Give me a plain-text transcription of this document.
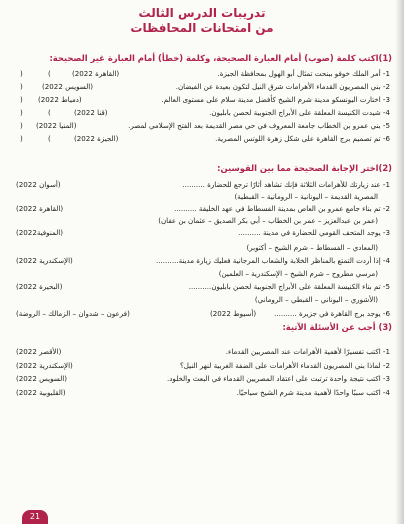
تدريبات الدرس الثالث
من امتحانات المحافظات
(1)اكتب كلمة (صوب) أمام العبارة الصحيحة، وكلمة (خطأ) أمام العبارة غير الصحيحة:
1- أمر الملك خوفو ببنحت تمثال أبو الهول بمحافظة الجيزة.
(القاهرة 2022)
)
(
2- بني المصريون القدماء الأهرامات شرق النيل لتكون بعيدة عن الفيضان.
(السويس 2022)
(
3- اختارت اليونسكو مدينة شرم الشيخ كأفضل مدينة سلام على مستوى العالم.
(دمياط 2022)
(
4- شيدت الكنيسة المعلقة على الأبراج الجنوبية لحصن بابليون.
(قنا 2022)
)
(
5- بني عمرو بن الخطاب جامعة المعروف في حي مصر القديمة بعد الفتح الإسلامي لمصر.
(المنيا 2022)
(
6- تم تصميم برج القاهرة على شكل زهرة اللوتس المصرية.
(الجيزة 2022)
)
(
(2)اختر الإجابة الصحيحة مما بين القوسين:
1- عند زيارتك للأهرامات الثلاثة فإنك تشاهد أثارًا ترجع للحضارة ..........
(أسوان 2022)
المصرية القديمة – اليونانية – الرومانية – القبطية)
2- تم بناء جامع عمرو بن العاص بمدينة الفسطاط في عهد الخليفة ..........
(القاهرة 2022)
(عمر بن عبدالعزيز – عمر بن الخطاب – أبي بكر الصديق – عثمان بن عفان)
3- يوجد المتحف القومي للحضارة في مدينة ..........
(المنوفية2022)
(المعادي – الفسطاط – شرم الشيخ – أكتوبر)
4- إذا أردت التمتع بالمناظر الخلابة والشعاب المرجانية فعليك زيارة مدينة..........
(الإسكندرية 2022)
(مرسي مطروح – شرم الشيخ – الإسكندرية – العلمين)
5- تم بناء الكنيسة المعلقة على الأبراج الجنوبية لحصن بابليون..........
(البحيرة 2022)
(الأشوري – اليوناني – القبطي – الروماني)
6- يوجد برج القاهرة في جزيرة ..........
(أسيوط 2022)
(فرعون – شدوان – الزمالك – الروضة)
(3) أجب عن الأسئلة الآتية:
1- اكتب تفسيرًا لأهمية الأهرامات عند المصريين القدماء.
(الأقصر 2022)
2- لماذا بني المصريون القدماء الأهرامات على الضفة الغربية لنهر النيل؟
(الإسكندرية 2022)
3- اكتب نتيجة واحدة ترتبت على اعتقاد المصريين القدماء في البعث والخلود.
(السويس 2022)
4- اكتب سببًا واحدًا لأهمية مدينة شرم الشيخ سياحيًا.
(القليوبية 2022)
21
